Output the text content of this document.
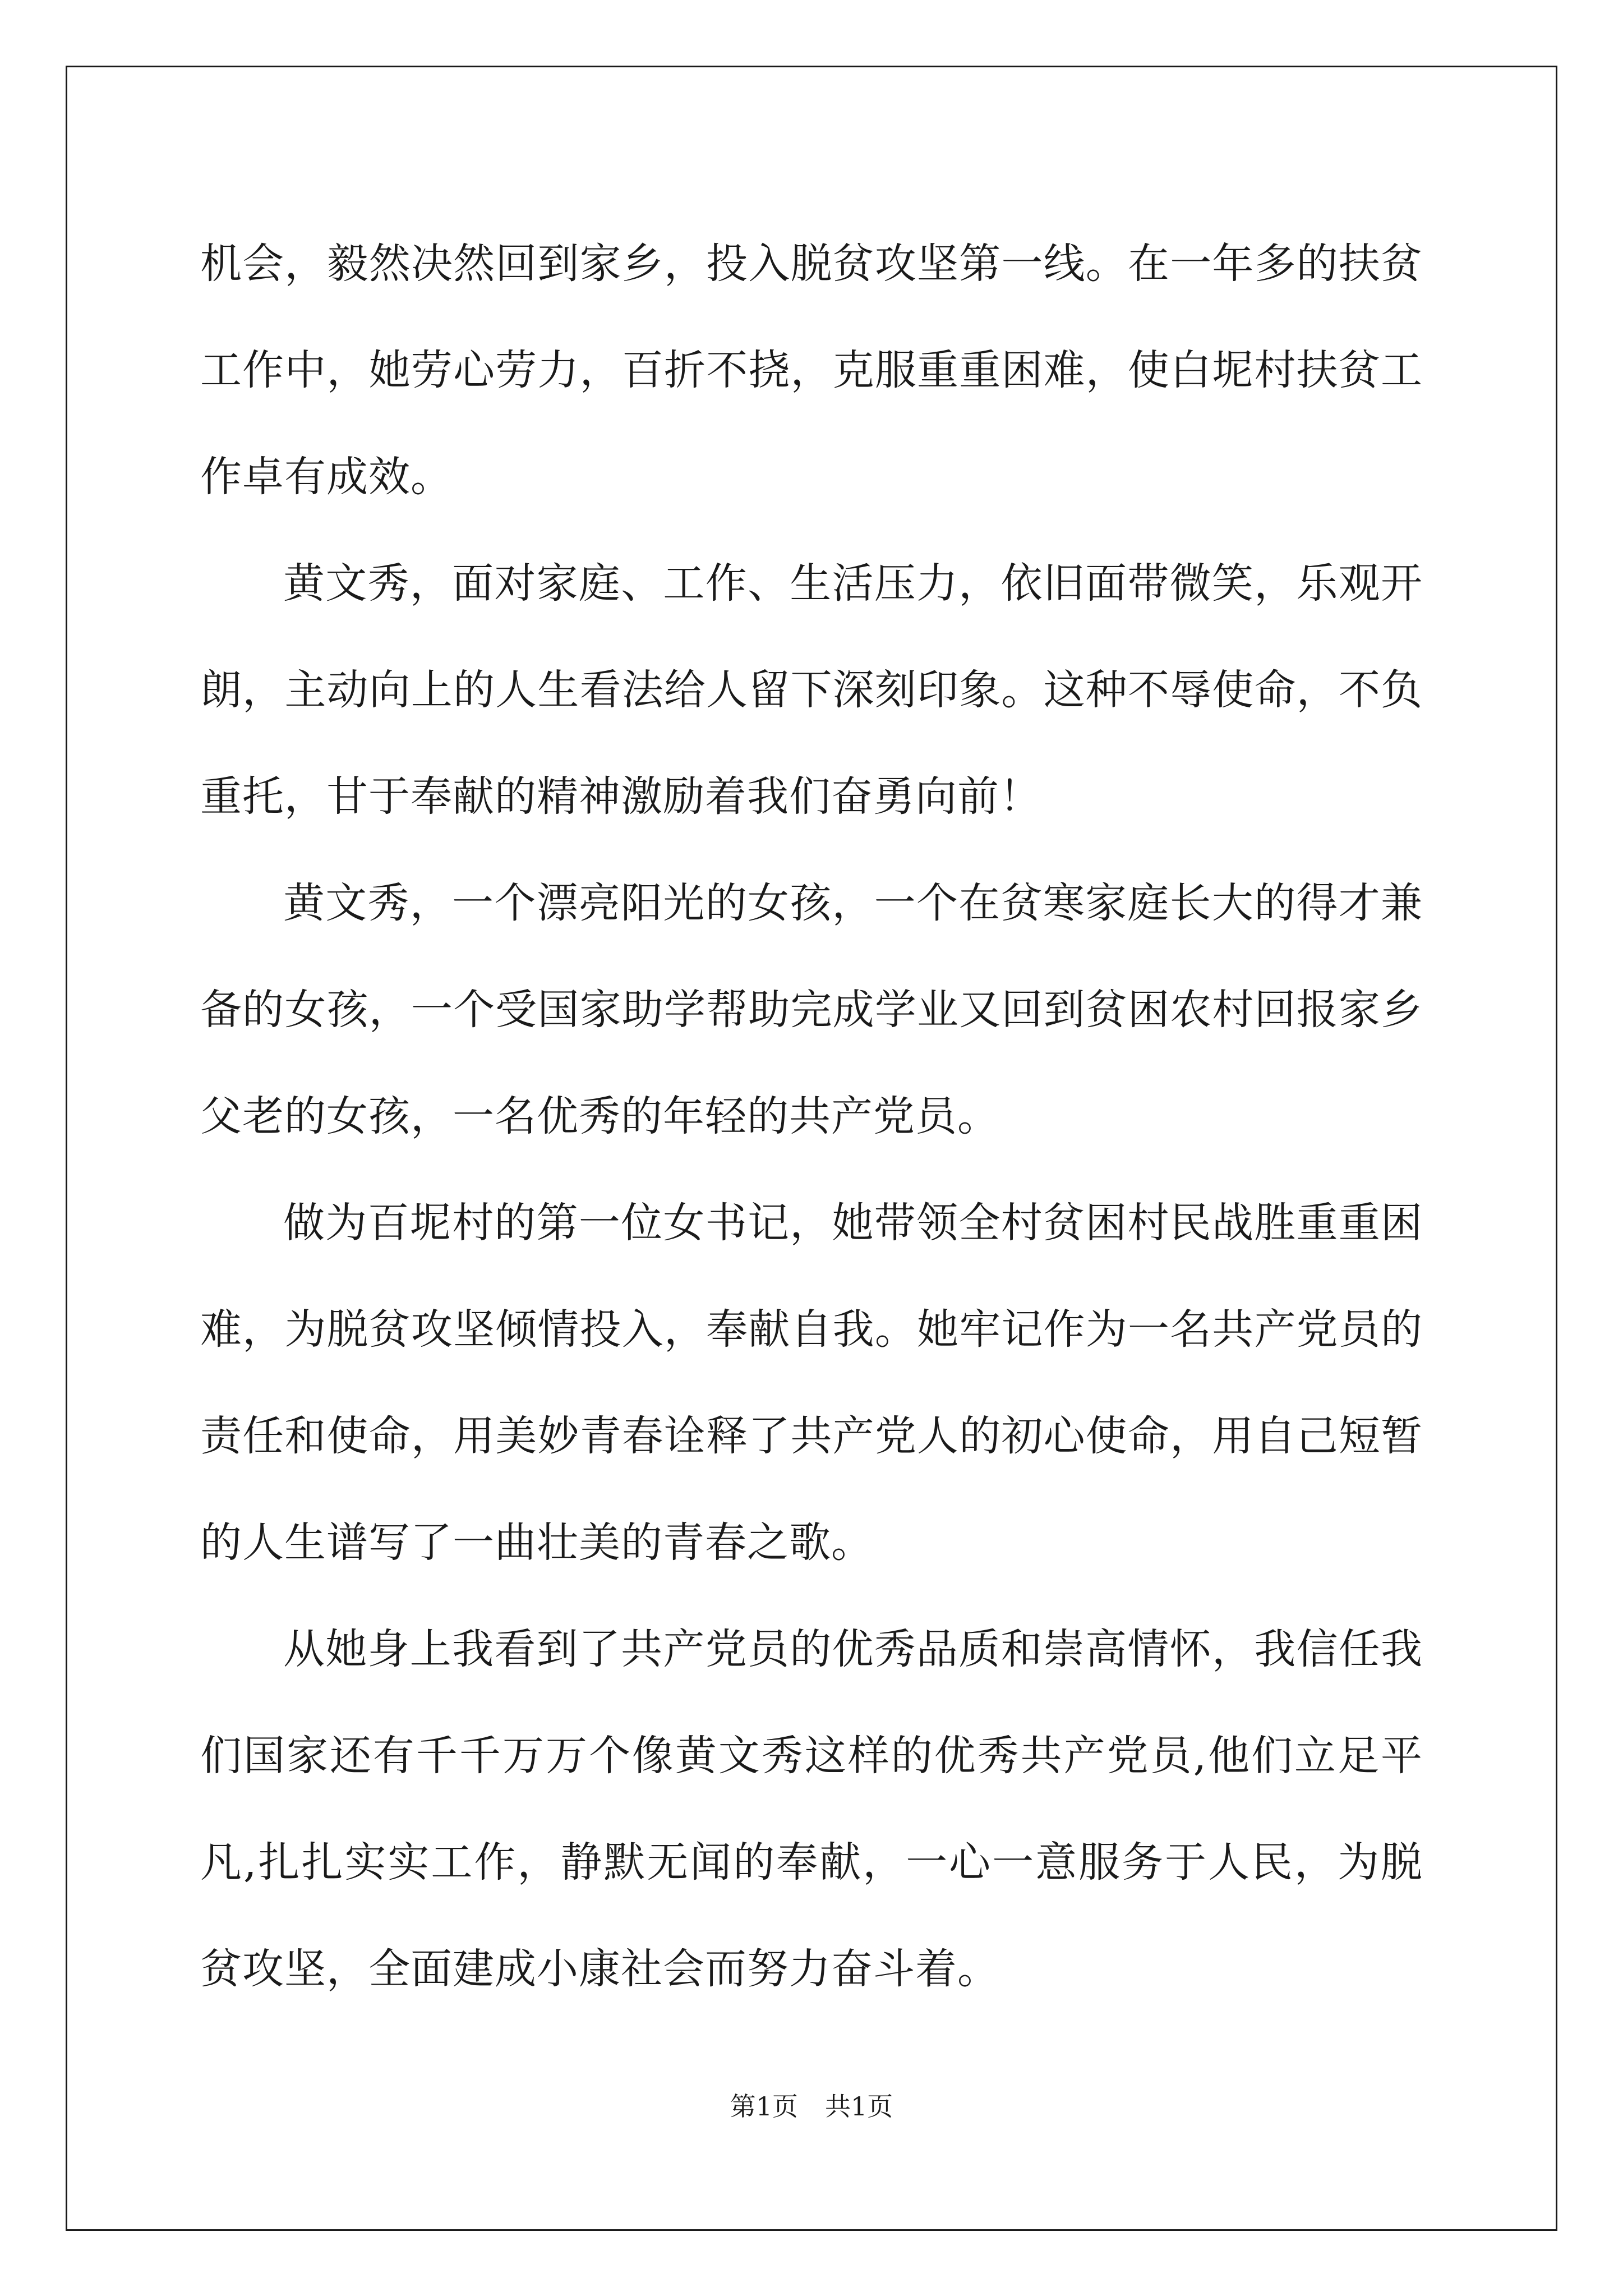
机会，毅然决然回到家乡，投入脱贫攻坚第一线。在一年多的扶贫工作中，她劳心劳力，百折不挠，克服重重困难，使白坭村扶贫工作卓有成效。

黄文秀，面对家庭、工作、生活压力，依旧面带微笑，乐观开朗，主动向上的人生看法给人留下深刻印象。这种不辱使命，不负重托，甘于奉献的精神激励着我们奋勇向前！

黄文秀，一个漂亮阳光的女孩，一个在贫寒家庭长大的得才兼备的女孩，一个受国家助学帮助完成学业又回到贫困农村回报家乡父老的女孩，一名优秀的年轻的共产党员。

做为百坭村的第一位女书记，她带领全村贫困村民战胜重重困难，为脱贫攻坚倾情投入，奉献自我。她牢记作为一名共产党员的责任和使命，用美妙青春诠释了共产党人的初心使命，用自己短暂的人生谱写了一曲壮美的青春之歌。

从她身上我看到了共产党员的优秀品质和崇高情怀，我信任我们国家还有千千万万个像黄文秀这样的优秀共产党员,他们立足平凡,扎扎实实工作，静默无闻的奉献，一心一意服务于人民，为脱贫攻坚，全面建成小康社会而努力奋斗着。

第1页 共1页
